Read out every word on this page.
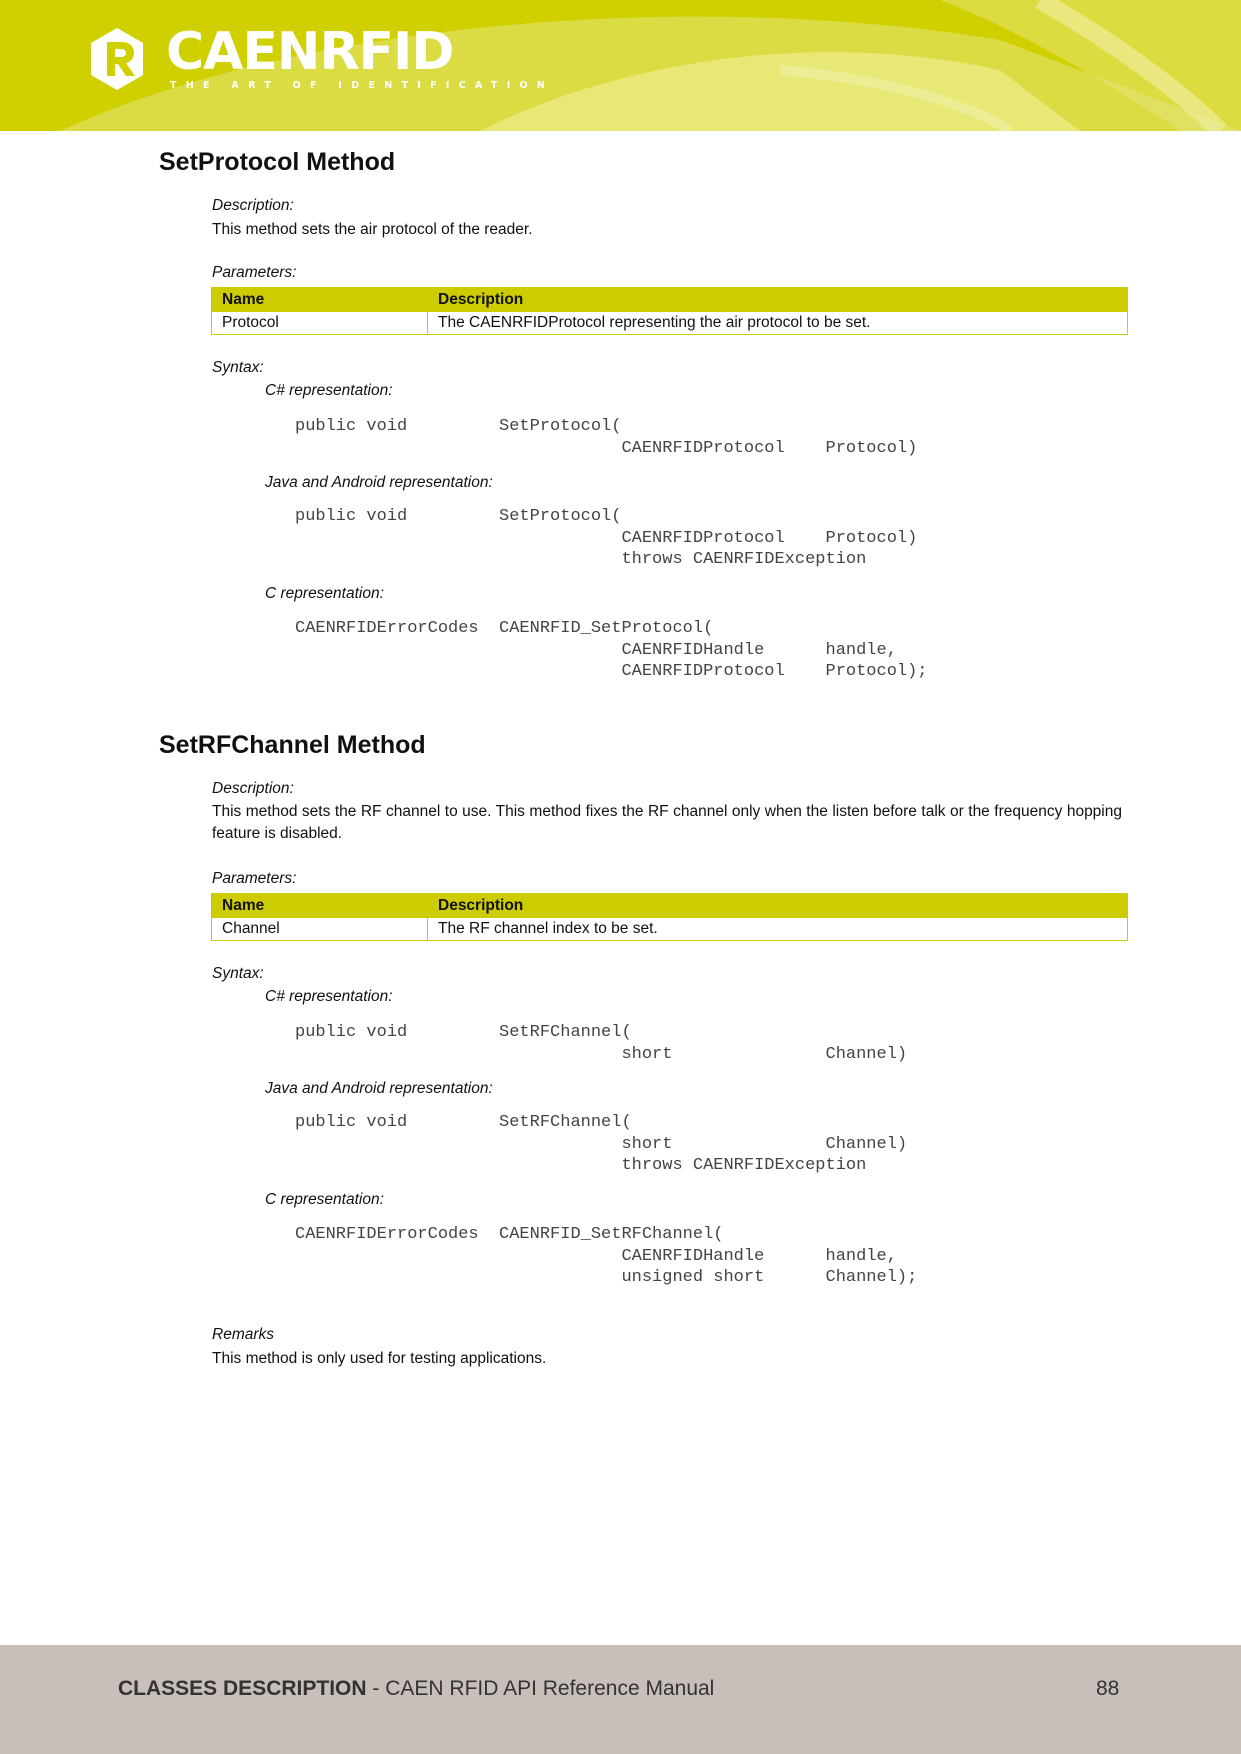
CAENRFID
THE ART OF IDENTIFICATION
SetProtocol Method
Description:
This method sets the air protocol of the reader.
Parameters:
Name	Description
Protocol	The CAENRFIDProtocol representing the air protocol to be set.
Syntax:
C# representation:
public void         SetProtocol(
CAENRFIDProtocol    Protocol)
Java and Android representation:
public void         SetProtocol(
CAENRFIDProtocol    Protocol)
throws CAENRFIDException
C representation:
CAENRFIDErrorCodes  CAENRFID_SetProtocol(
CAENRFIDHandle      handle,
CAENRFIDProtocol    Protocol);
SetRFChannel Method
Description:
This method sets the RF channel to use. This method fixes the RF channel only when the listen before talk or the frequency hopping feature is disabled.
Parameters:
Name	Description
Channel	The RF channel index to be set.
Syntax:
C# representation:
public void         SetRFChannel(
short               Channel)
Java and Android representation:
public void         SetRFChannel(
short               Channel)
throws CAENRFIDException
C representation:
CAENRFIDErrorCodes  CAENRFID_SetRFChannel(
CAENRFIDHandle      handle,
unsigned short      Channel);
Remarks
This method is only used for testing applications.
CLASSES DESCRIPTION - CAEN RFID API Reference Manual	88
